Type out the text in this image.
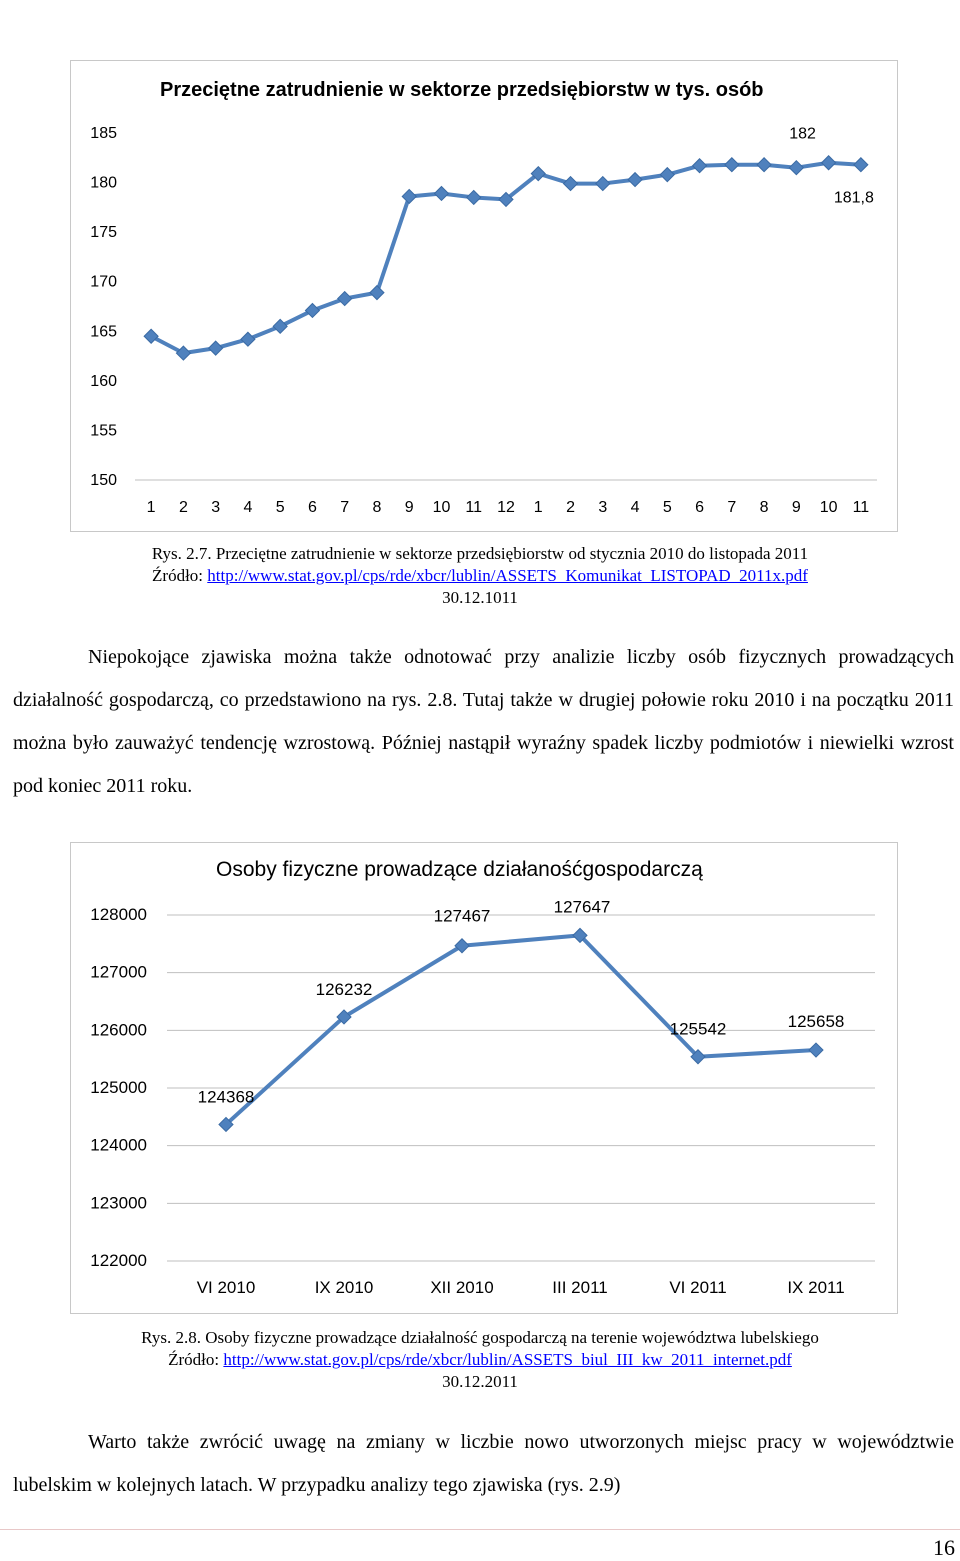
Przeciętne zatrudnienie w sektorze przedsiębiorstw w tys. osób
150
155
160
165
170
175
180
185
1 2 3 4 5 6 7 8 9 10 11 12 1 2 3 4 5 6 7 8 9 10 11
182
181,8
Rys. 2.7. Przeciętne zatrudnienie w sektorze przedsiębiorstw od stycznia 2010 do listopada 2011
Źródło: http://www.stat.gov.pl/cps/rde/xbcr/lublin/ASSETS_Komunikat_LISTOPAD_2011x.pdf
30.12.1011
Niepokojące zjawiska można także odnotować przy analizie liczby osób fizycznych prowadzących działalność gospodarczą, co przedstawiono na rys. 2.8. Tutaj także w drugiej połowie roku 2010 i na początku 2011 można było zauważyć tendencję wzrostową. Później nastąpił wyraźny spadek liczby podmiotów i niewielki wzrost pod koniec 2011 roku.
Osoby fizyczne prowadzące działanośćgospodarczą
122000
123000
124000
125000
126000
127000
128000
VI 2010	IX 2010	XII 2010	III 2011	VI 2011	IX 2011
124368
126232
127467	127647
125542	125658
Rys. 2.8. Osoby fizyczne prowadzące działalność gospodarczą na terenie województwa lubelskiego
Źródło: http://www.stat.gov.pl/cps/rde/xbcr/lublin/ASSETS_biul_III_kw_2011_internet.pdf
30.12.2011
Warto także zwrócić uwagę na zmiany w liczbie nowo utworzonych miejsc pracy w województwie lubelskim w kolejnych latach. W przypadku analizy tego zjawiska (rys. 2.9)
16
